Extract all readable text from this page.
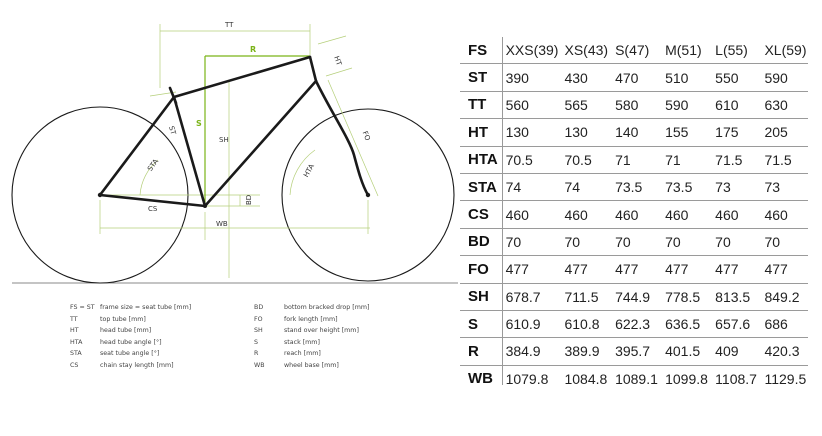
TT
R
HT
ST
S
SH	FO
STA	HTA
BD
CS
WB
FS = ST frame size = seat tube [mm]
TT	top tube [mm]
HT	head tube [mm]
HTA	head tube angle [°]
STA	seat tube angle [°]
CS	chain stay length [mm]
BD	bottom bracked drop [mm]
FO	fork length [mm]
SH	stand over height [mm]
S	stack [mm]
R	reach [mm]
WB	wheel base [mm]
FS	XXS(39)	XS(43)	S(47)	M(51)	L(55)	XL(59)
ST	390	430	470	510	550	590
TT	560	565	580	590	610	630
HT	130	130	140	155	175	205
HTA	70.5	70.5	71	71	71.5	71.5
STA	74	74	73.5	73.5	73	73
CS	460	460	460	460	460	460
BD	70	70	70	70	70	70
FO	477	477	477	477	477	477
SH	678.7	711.5	744.9	778.5	813.5	849.2
S	610.9	610.8	622.3	636.5	657.6	686
R	384.9	389.9	395.7	401.5	409	420.3
WB	1079.8	1084.8	1089.1	1099.8	1108.7	1129.5
